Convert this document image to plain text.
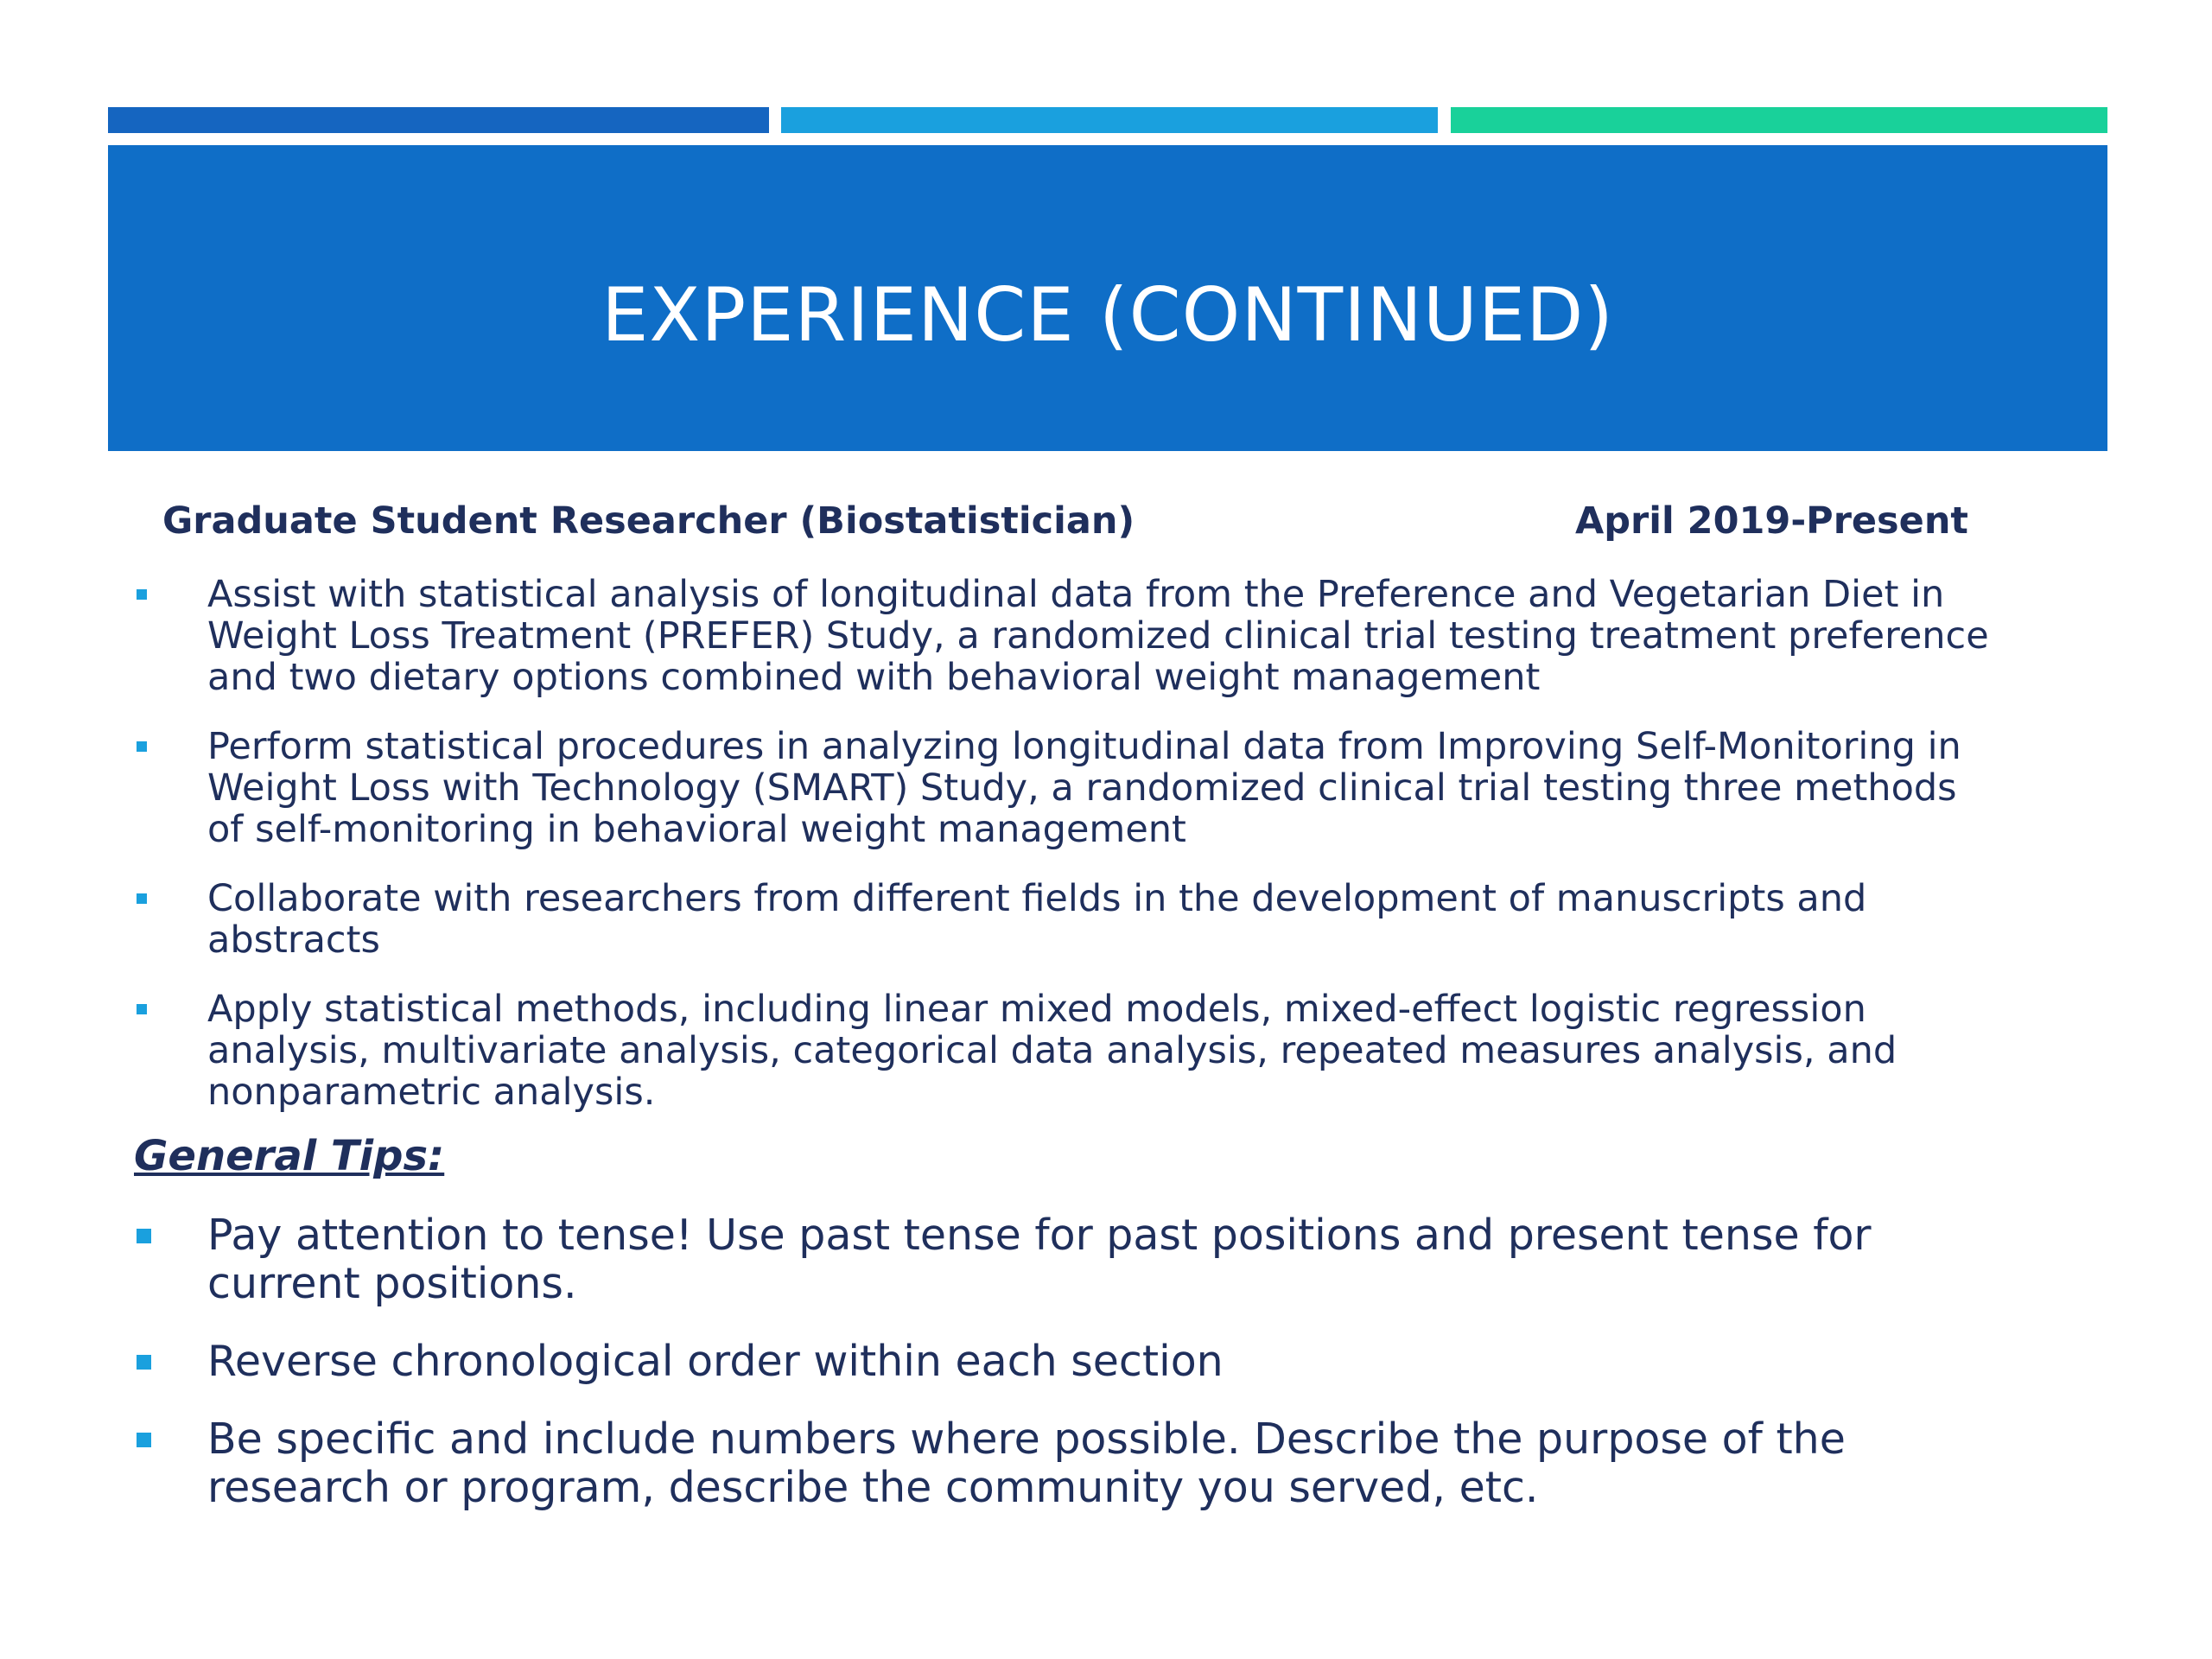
EXPERIENCE (CONTINUED)
Graduate Student Researcher (Biostatistician)	April 2019-Present
Assist with statistical analysis of longitudinal data from the Preference and Vegetarian Diet in Weight Loss Treatment (PREFER) Study, a randomized clinical trial testing treatment preference and two dietary options combined with behavioral weight management
Perform statistical procedures in analyzing longitudinal data from Improving Self-Monitoring in Weight Loss with Technology (SMART) Study, a randomized clinical trial testing three methods of self-monitoring in behavioral weight management
Collaborate with researchers from different fields in the development of manuscripts and abstracts
Apply statistical methods, including linear mixed models, mixed-effect logistic regression analysis, multivariate analysis, categorical data analysis, repeated measures analysis, and nonparametric analysis.
General Tips:
Pay attention to tense! Use past tense for past positions and present tense for current positions.
Reverse chronological order within each section
Be specific and include numbers where possible. Describe the purpose of the research or program, describe the community you served, etc.
